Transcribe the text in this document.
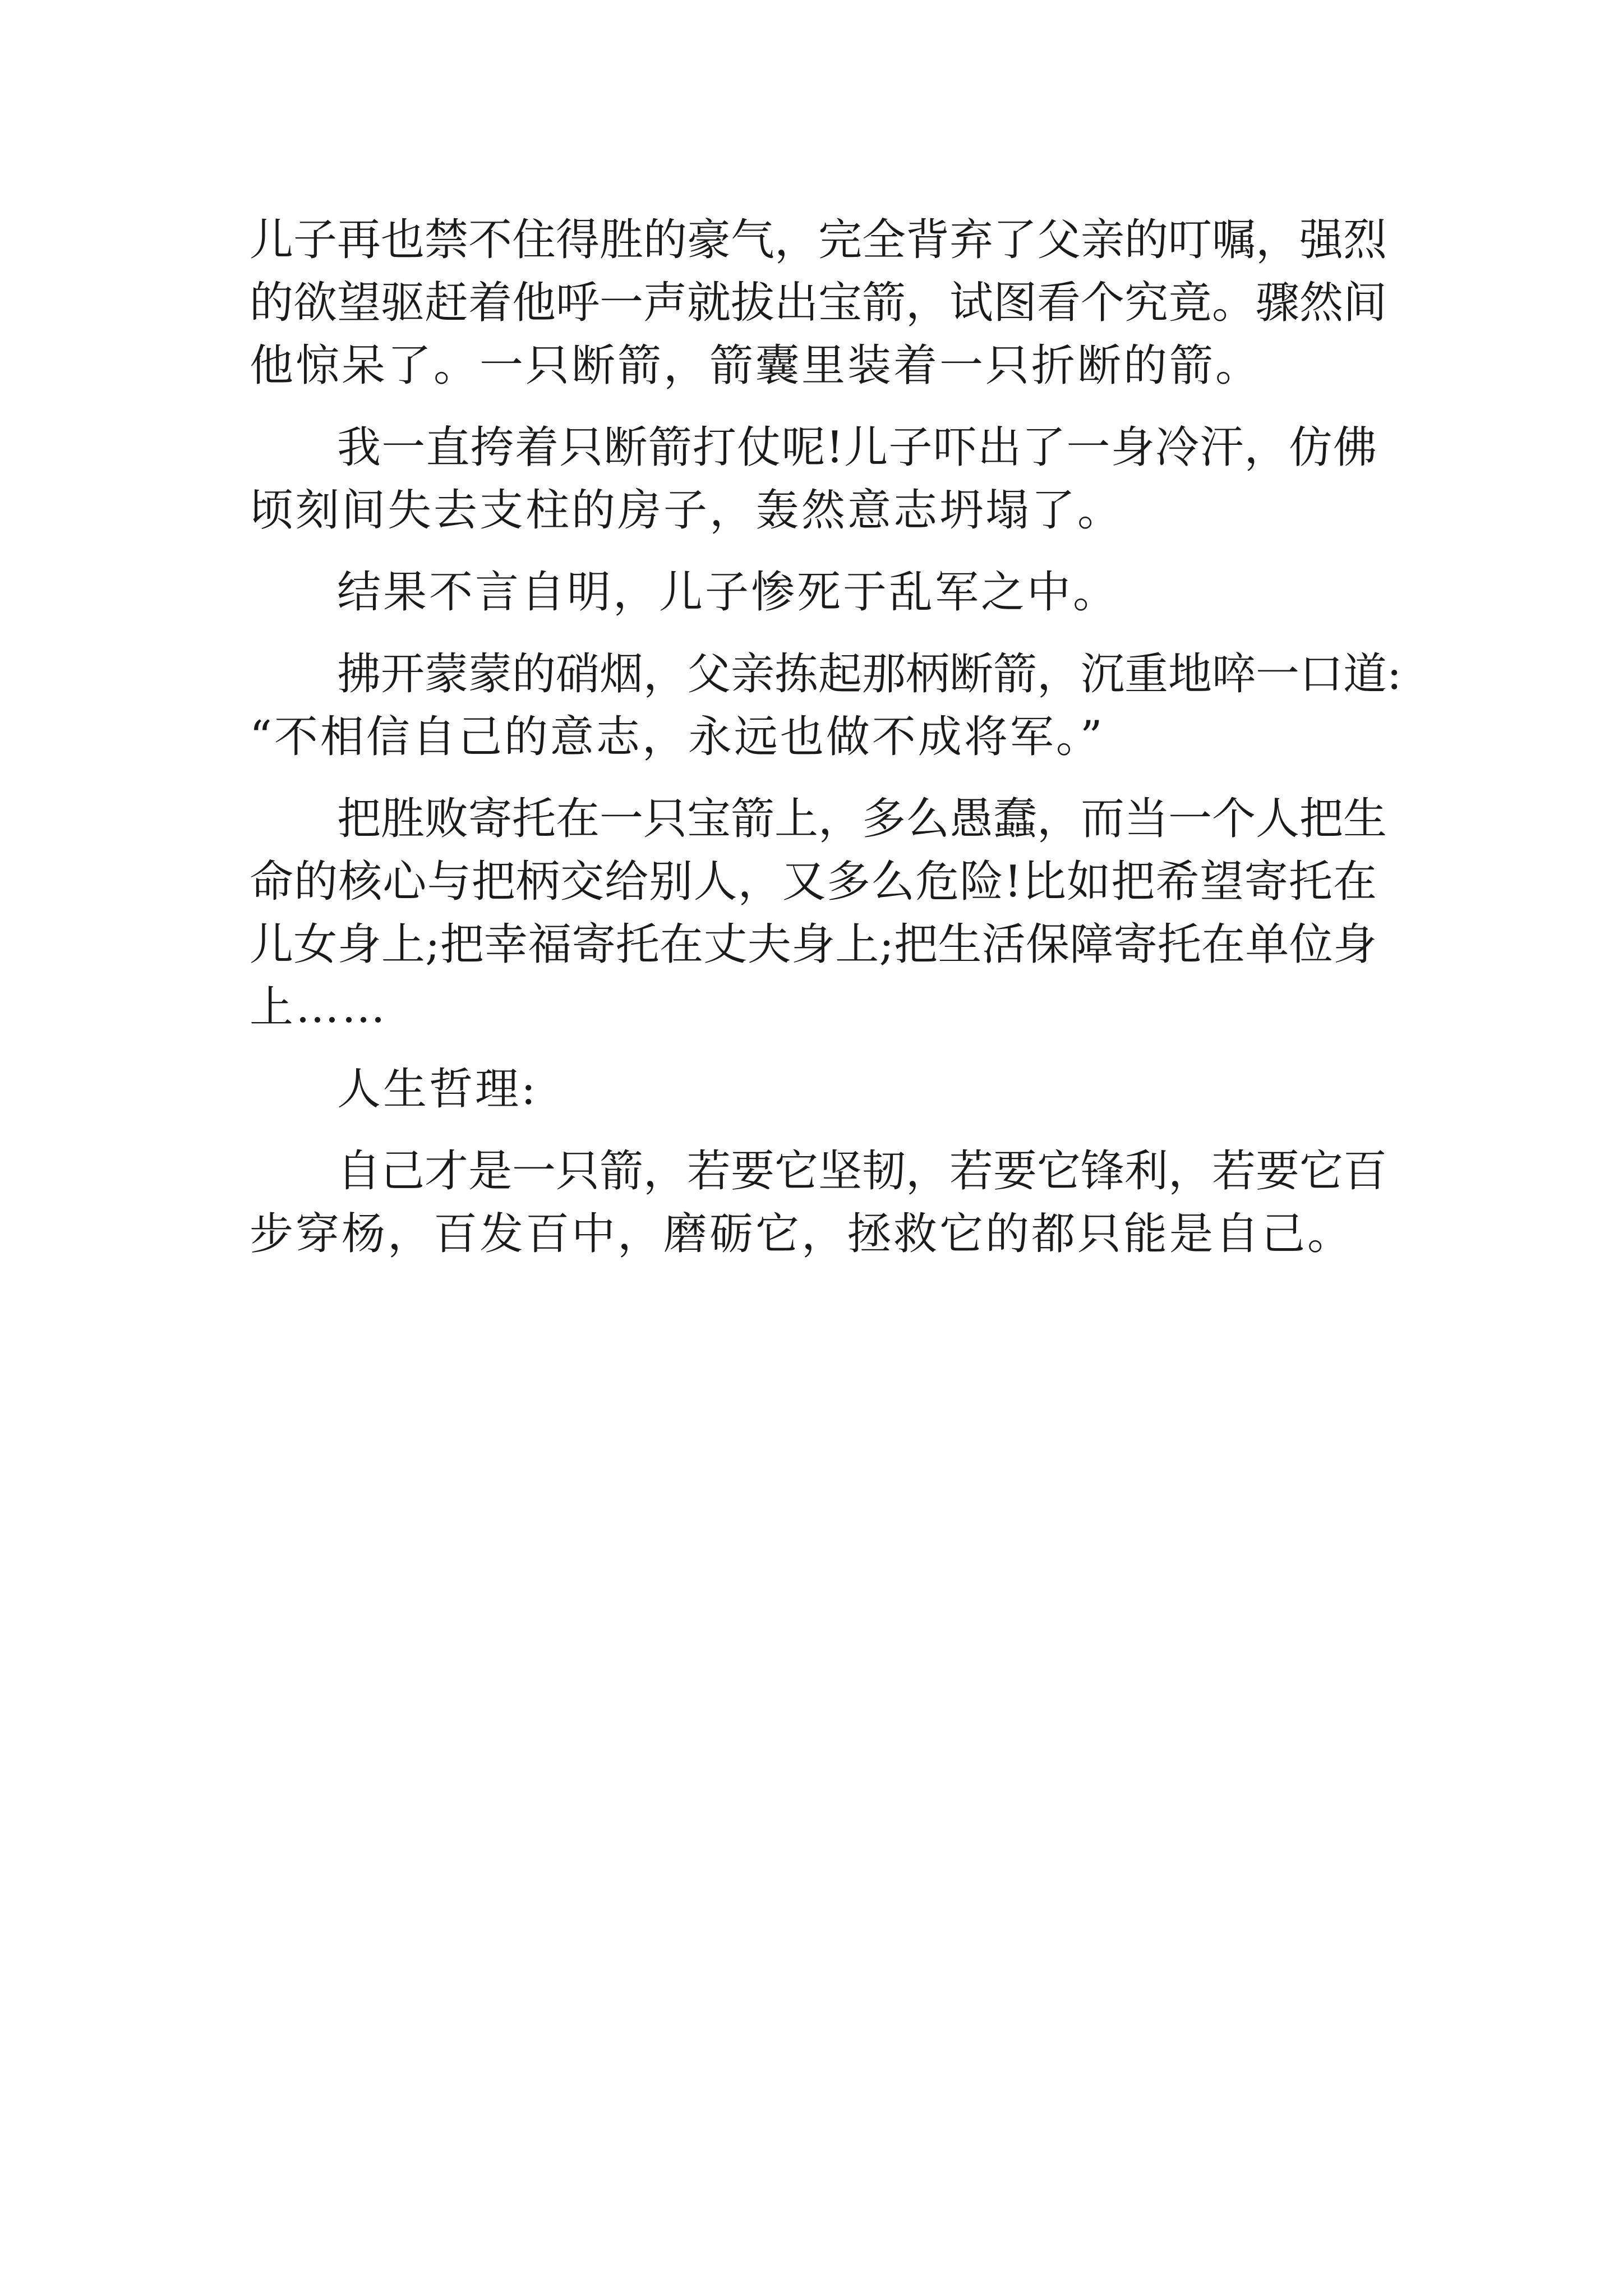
儿子再也禁不住得胜的豪气，完全背弃了父亲的叮嘱，强烈
的欲望驱赶着他呼一声就拔出宝箭，试图看个究竟。骤然间
他惊呆了。一只断箭，箭囊里装着一只折断的箭。
我一直挎着只断箭打仗呢!儿子吓出了一身冷汗，仿佛
顷刻间失去支柱的房子，轰然意志坍塌了。
结果不言自明，儿子惨死于乱军之中。
拂开蒙蒙的硝烟，父亲拣起那柄断箭，沉重地啐一口道:
“不相信自己的意志，永远也做不成将军。”
把胜败寄托在一只宝箭上，多么愚蠢，而当一个人把生
命的核心与把柄交给别人，又多么危险!比如把希望寄托在
儿女身上;把幸福寄托在丈夫身上;把生活保障寄托在单位身
上……
人生哲理:
自己才是一只箭，若要它坚韧，若要它锋利，若要它百
步穿杨，百发百中，磨砺它，拯救它的都只能是自己。
